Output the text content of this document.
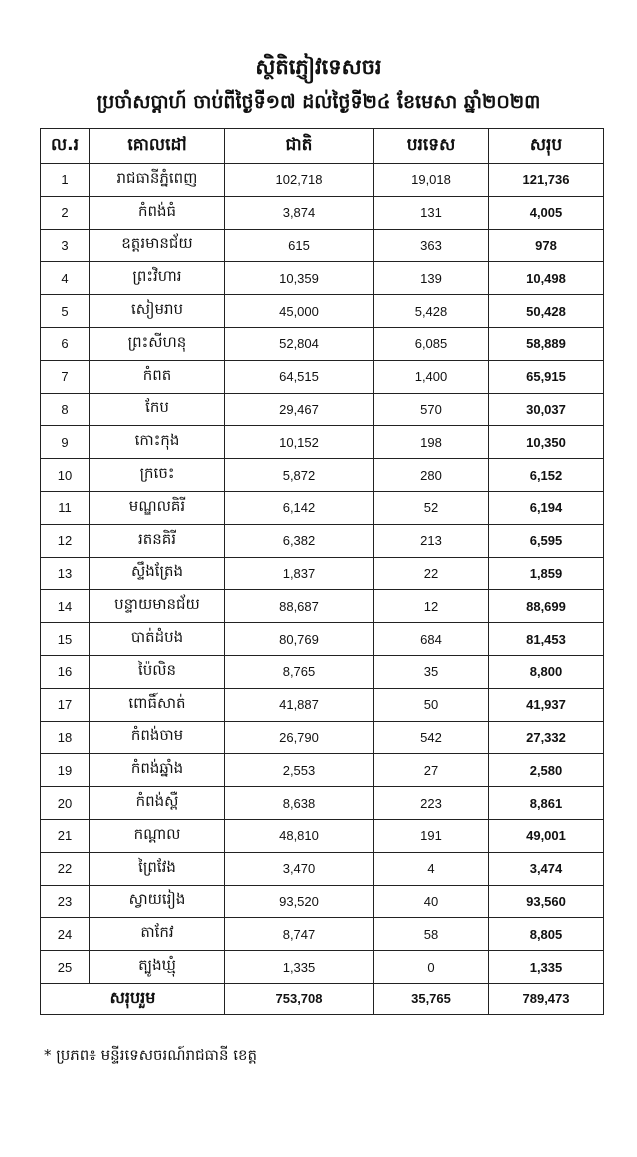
ស្ថិតិភ្ញៀវទេសចរ
ប្រចាំសប្តាហ៍ ចាប់ពីថ្ងៃទី១៧ ដល់ថ្ងៃទី២៤ ខែមេសា ឆ្នាំ២០២៣
ល.រ	គោលដៅ	ជាតិ	បរទេស	សរុប
1	រាជធានីភ្នំពេញ	102,718	19,018	121,736
2	កំពង់ធំ	3,874	131	4,005
3	ឧត្តរមានជ័យ	615	363	978
4	ព្រះវិហារ	10,359	139	10,498
5	សៀមរាប	45,000	5,428	50,428
6	ព្រះសីហនុ	52,804	6,085	58,889
7	កំពត	64,515	1,400	65,915
8	កែប	29,467	570	30,037
9	កោះកុង	10,152	198	10,350
10	ក្រចេះ	5,872	280	6,152
11	មណ្ឌលគិរី	6,142	52	6,194
12	រតនគិរី	6,382	213	6,595
13	ស្ទឹងត្រែង	1,837	22	1,859
14	បន្ទាយមានជ័យ	88,687	12	88,699
15	បាត់ដំបង	80,769	684	81,453
16	ប៉ៃលិន	8,765	35	8,800
17	ពោធិ៍សាត់	41,887	50	41,937
18	កំពង់ចាម	26,790	542	27,332
19	កំពង់ឆ្នាំង	2,553	27	2,580
20	កំពង់ស្ពឺ	8,638	223	8,861
21	កណ្តាល	48,810	191	49,001
22	ព្រៃវែង	3,470	4	3,474
23	ស្វាយរៀង	93,520	40	93,560
24	តាកែវ	8,747	58	8,805
25	ត្បូងឃ្មុំ	1,335	0	1,335
សរុបរួម		753,708	35,765	789,473
* ប្រភព៖ មន្ទីរទេសចរណ៍រាជធានី ខេត្ត
